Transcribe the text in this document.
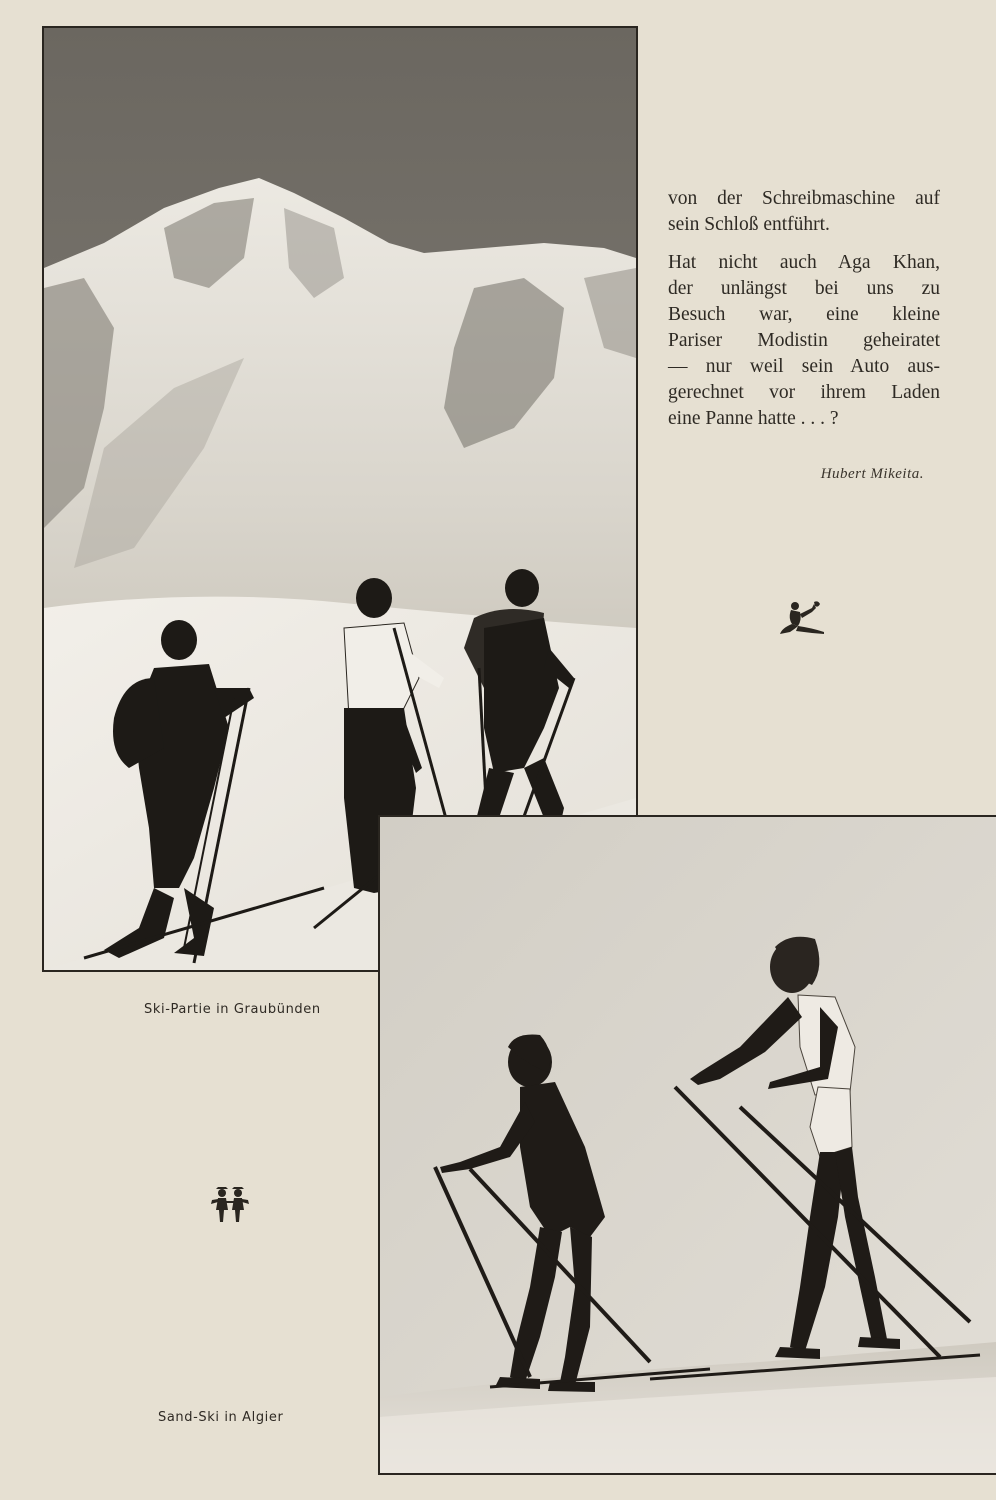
von der Schreibmaschine auf
sein Schloß entführt.

Hat nicht auch Aga Khan,
der unlängst bei uns zu
Besuch war, eine kleine
Pariser Modistin geheiratet
— nur weil sein Auto aus-
gerechnet vor ihrem Laden
eine Panne hatte . . . ?

Hubert Mikeita.
Ski-Partie in Graubünden
Sand-Ski in Algier
